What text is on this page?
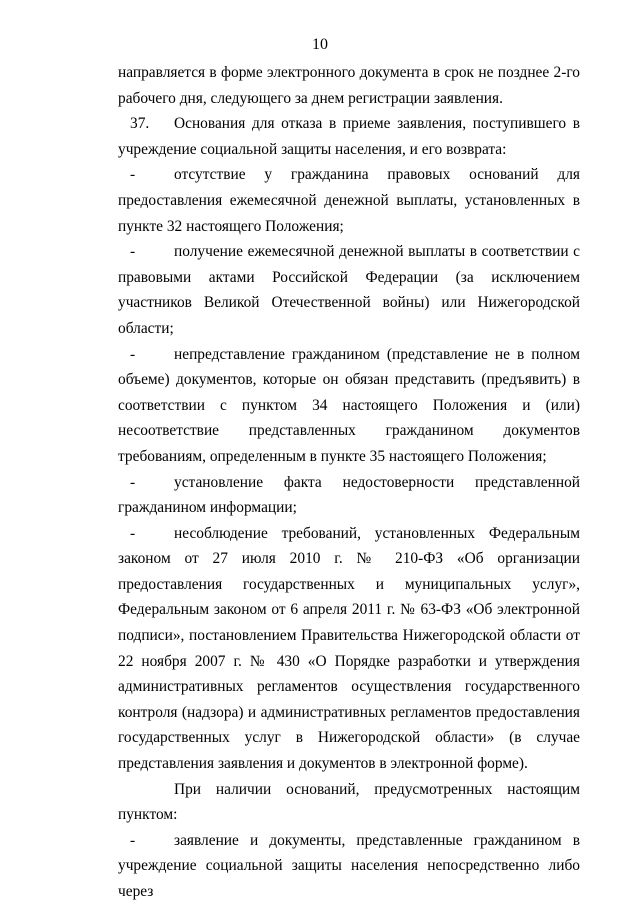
10

направляется в форме электронного документа в срок не позднее 2-го рабочего дня, следующего за днем регистрации заявления.

37. Основания для отказа в приеме заявления, поступившего в учреждение социальной защиты населения, и его возврата:

-	отсутствие у гражданина правовых оснований для предоставления ежемесячной денежной выплаты, установленных в пункте 32 настоящего Положения;

-	получение ежемесячной денежной выплаты в соответствии с правовыми актами Российской Федерации (за исключением участников Великой Отечественной войны) или Нижегородской области;

-	непредставление гражданином (представление не в полном объеме) документов, которые он обязан представить (предъявить) в соответствии с пунктом 34 настоящего Положения и (или) несоответствие представленных гражданином документов требованиям, определенным в пункте 35 настоящего Положения;

-	установление факта недостоверности представленной гражданином информации;

-	несоблюдение требований, установленных Федеральным законом от 27 июля 2010 г. № 210-ФЗ «Об организации предоставления государственных и муниципальных услуг», Федеральным законом от 6 апреля 2011 г. № 63-ФЗ «Об электронной подписи», постановлением Правительства Нижегородской области от 22 ноября 2007 г. № 430 «О Порядке разработки и утверждения административных регламентов осуществления государственного контроля (надзора) и административных регламентов предоставления государственных услуг в Нижегородской области» (в случае представления заявления и документов в электронной форме).

При наличии оснований, предусмотренных настоящим пунктом:

-	заявление и документы, представленные гражданином в учреждение социальной защиты населения непосредственно либо через
